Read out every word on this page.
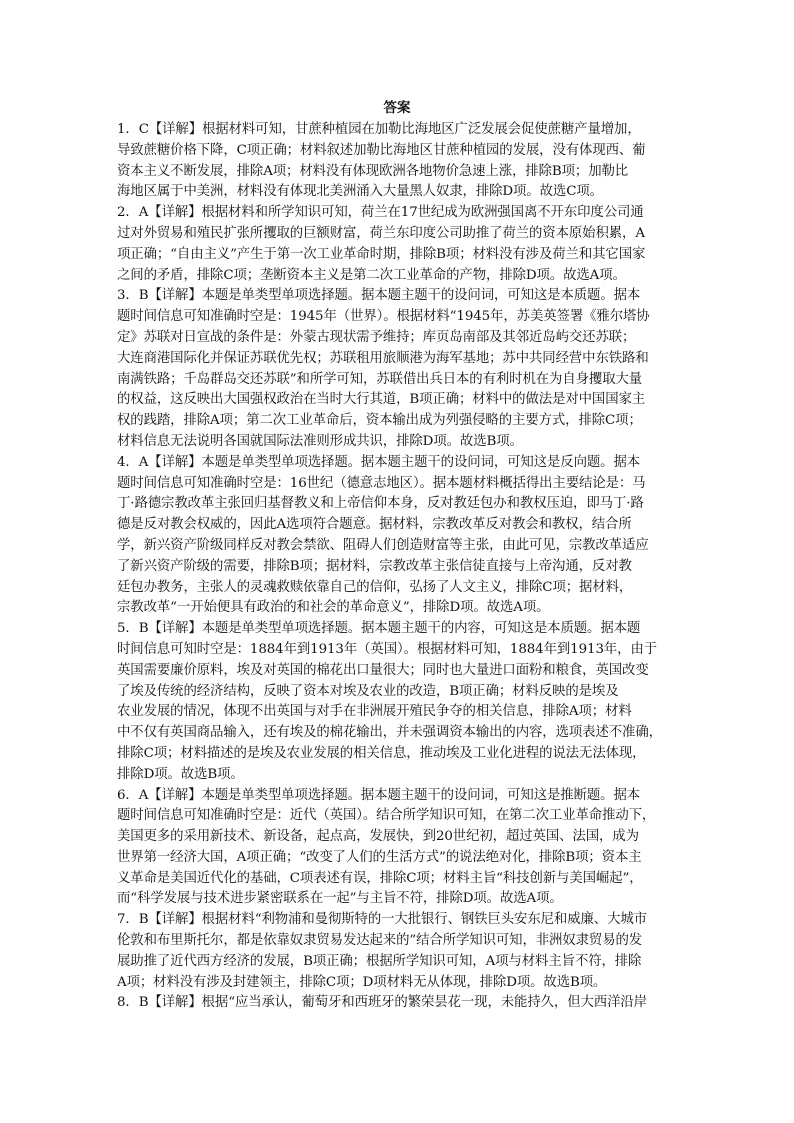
答案
1．C【详解】根据材料可知，甘蔗种植园在加勒比海地区广泛发展会促使蔗糖产量增加，
导致蔗糖价格下降，C项正确；材料叙述加勒比海地区甘蔗种植园的发展，没有体现西、葡
资本主义不断发展，排除A项；材料没有体现欧洲各地物价急速上涨，排除B项；加勒比
海地区属于中美洲，材料没有体现北美洲涌入大量黑人奴隶，排除D项。故选C项。
2．A【详解】根据材料和所学知识可知，荷兰在17世纪成为欧洲强国离不开东印度公司通
过对外贸易和殖民扩张所攫取的巨额财富，荷兰东印度公司助推了荷兰的资本原始积累，A
项正确；“自由主义”产生于第一次工业革命时期，排除B项；材料没有涉及荷兰和其它国家
之间的矛盾，排除C项；垄断资本主义是第二次工业革命的产物，排除D项。故选A项。
3．B【详解】本题是单类型单项选择题。据本题主题干的设问词，可知这是本质题。据本
题时间信息可知准确时空是：1945年（世界）。根据材料“1945年，苏美英签署《雅尔塔协
定》苏联对日宣战的条件是：外蒙古现状需予维持；库页岛南部及其邻近岛屿交还苏联；
大连商港国际化并保证苏联优先权；苏联租用旅顺港为海军基地；苏中共同经营中东铁路和
南满铁路；千岛群岛交还苏联”和所学可知，苏联借出兵日本的有利时机在为自身攫取大量
的权益，这反映出大国强权政治在当时大行其道，B项正确；材料中的做法是对中国国家主
权的践踏，排除A项；第二次工业革命后，资本输出成为列强侵略的主要方式，排除C项；
材料信息无法说明各国就国际法准则形成共识，排除D项。故选B项。
4．A【详解】本题是单类型单项选择题。据本题主题干的设问词，可知这是反向题。据本
题时间信息可知准确时空是：16世纪（德意志地区）。据本题材料概括得出主要结论是：马
丁·路德宗教改革主张回归基督教义和上帝信仰本身，反对教廷包办和教权压迫，即马丁·路
德是反对教会权威的，因此A选项符合题意。据材料，宗教改革反对教会和教权，结合所
学，新兴资产阶级同样反对教会禁欲、阻碍人们创造财富等主张，由此可见，宗教改革适应
了新兴资产阶级的需要，排除B项；据材料，宗教改革主张信徒直接与上帝沟通，反对教
廷包办教务，主张人的灵魂救赎依靠自己的信仰，弘扬了人文主义，排除C项；据材料，
宗教改革“一开始便具有政治的和社会的革命意义”，排除D项。故选A项。
5．B【详解】本题是单类型单项选择题。据本题主题干的内容，可知这是本质题。据本题
时间信息可知时空是：1884年到1913年（英国）。根据材料可知，1884年到1913年，由于
英国需要廉价原料，埃及对英国的棉花出口量很大；同时也大量进口面粉和粮食，英国改变
了埃及传统的经济结构，反映了资本对埃及农业的改造，B项正确；材料反映的是埃及
农业发展的情况，体现不出英国与对手在非洲展开殖民争夺的相关信息，排除A项；材料
中不仅有英国商品输入，还有埃及的棉花输出，并未强调资本输出的内容，选项表述不准确，
排除C项；材料描述的是埃及农业发展的相关信息，推动埃及工业化进程的说法无法体现，
排除D项。故选B项。
6．A【详解】本题是单类型单项选择题。据本题主题干的设问词，可知这是推断题。据本
题时间信息可知准确时空是：近代（英国）。结合所学知识可知，在第二次工业革命推动下，
美国更多的采用新技术、新设备，起点高，发展快，到20世纪初，超过英国、法国，成为
世界第一经济大国，A项正确；“改变了人们的生活方式”的说法绝对化，排除B项；资本主
义革命是美国近代化的基础，C项表述有误，排除C项；材料主旨“科技创新与美国崛起”，
而“科学发展与技术进步紧密联系在一起”与主旨不符，排除D项。故选A项。
7．B【详解】根据材料“利物浦和曼彻斯特的一大批银行、钢铁巨头安东尼和威廉、大城市
伦敦和布里斯托尔，都是依靠奴隶贸易发达起来的”结合所学知识可知，非洲奴隶贸易的发
展助推了近代西方经济的发展，B项正确；根据所学知识可知，A项与材料主旨不符，排除
A项；材料没有涉及封建领主，排除C项；D项材料无从体现，排除D项。故选B项。
8．B【详解】根据“应当承认，葡萄牙和西班牙的繁荣昙花一现，未能持久，但大西洋沿岸
